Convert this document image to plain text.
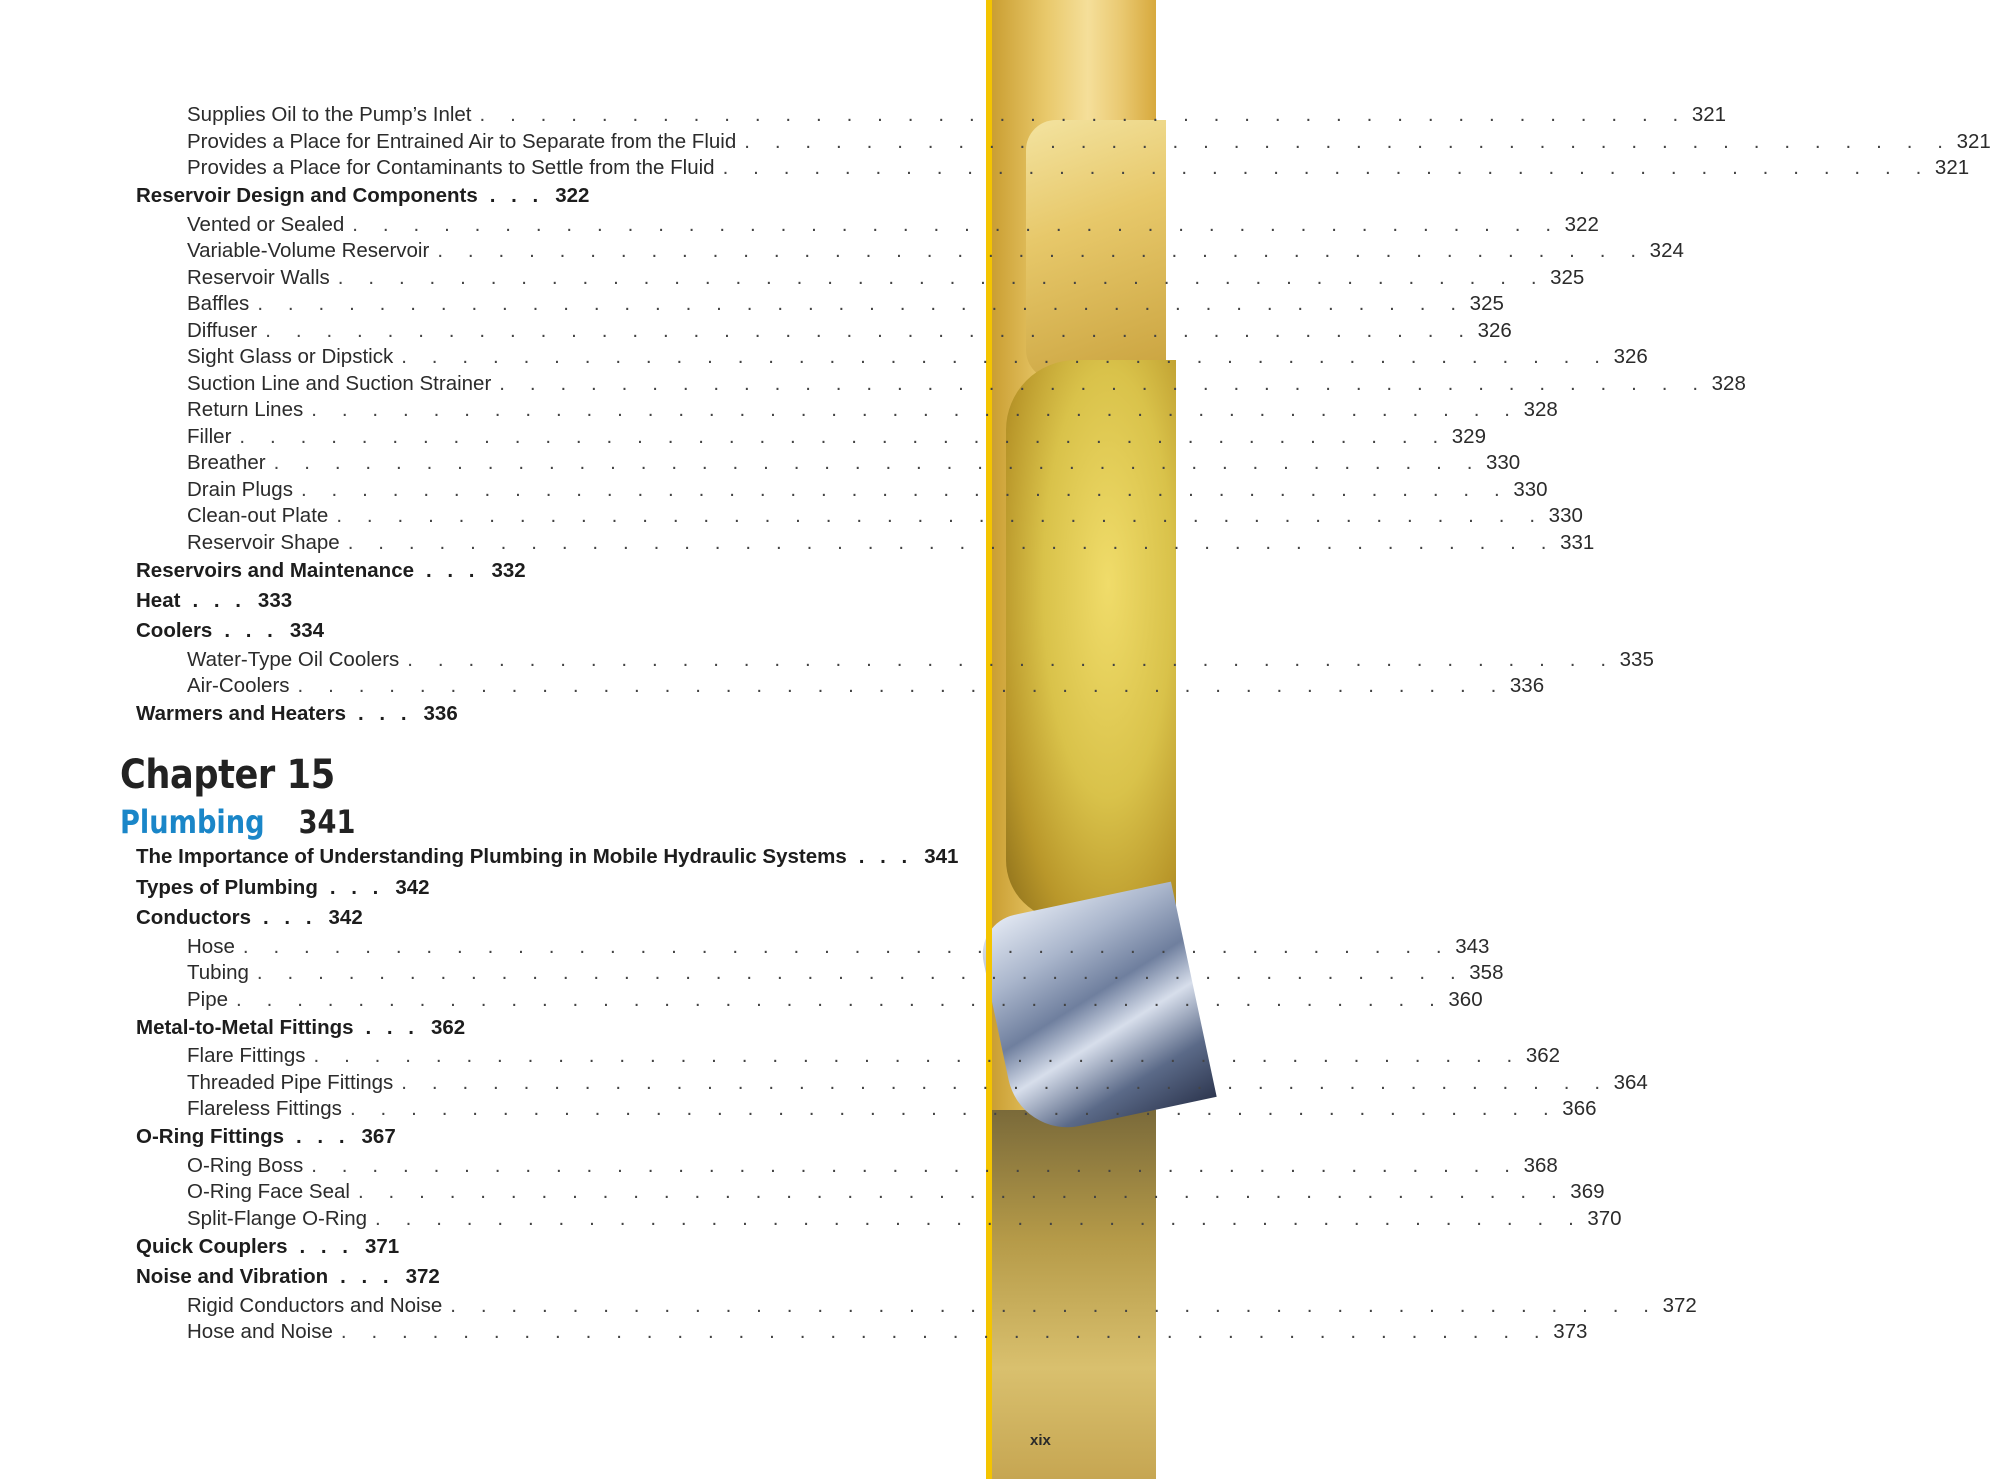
xix
Supplies Oil to the Pump’s Inlet . . . . . . . . . . . . . . . . . . . . . . . . . . . . . . . . . . . . . . . . 321
Provides a Place for Entrained Air to Separate from the Fluid . . . . . . . . . . . . . . . . . . . . . . . . . . . . . . . . . . . . . . . . 321
Provides a Place for Contaminants to Settle from the Fluid . . . . . . . . . . . . . . . . . . . . . . . . . . . . . . . . . . . . . . . . 321
Reservoir Design and Components . . . 322
Vented or Sealed . . . . . . . . . . . . . . . . . . . . . . . . . . . . . . . . . . . . . . . . 322
Variable-Volume Reservoir . . . . . . . . . . . . . . . . . . . . . . . . . . . . . . . . . . . . . . . . 324
Reservoir Walls . . . . . . . . . . . . . . . . . . . . . . . . . . . . . . . . . . . . . . . . 325
Baffles . . . . . . . . . . . . . . . . . . . . . . . . . . . . . . . . . . . . . . . . 325
Diffuser . . . . . . . . . . . . . . . . . . . . . . . . . . . . . . . . . . . . . . . . 326
Sight Glass or Dipstick . . . . . . . . . . . . . . . . . . . . . . . . . . . . . . . . . . . . . . . . 326
Suction Line and Suction Strainer . . . . . . . . . . . . . . . . . . . . . . . . . . . . . . . . . . . . . . . . 328
Return Lines . . . . . . . . . . . . . . . . . . . . . . . . . . . . . . . . . . . . . . . . 328
Filler . . . . . . . . . . . . . . . . . . . . . . . . . . . . . . . . . . . . . . . . 329
Breather . . . . . . . . . . . . . . . . . . . . . . . . . . . . . . . . . . . . . . . . 330
Drain Plugs . . . . . . . . . . . . . . . . . . . . . . . . . . . . . . . . . . . . . . . . 330
Clean-out Plate . . . . . . . . . . . . . . . . . . . . . . . . . . . . . . . . . . . . . . . . 330
Reservoir Shape . . . . . . . . . . . . . . . . . . . . . . . . . . . . . . . . . . . . . . . . 331
Reservoirs and Maintenance . . . 332
Heat . . . 333
Coolers . . . 334
Water-Type Oil Coolers . . . . . . . . . . . . . . . . . . . . . . . . . . . . . . . . . . . . . . . . 335
Air-Coolers . . . . . . . . . . . . . . . . . . . . . . . . . . . . . . . . . . . . . . . . 336
Warmers and Heaters . . . 336
Chapter 15
Plumbing 341
The Importance of Understanding Plumbing in Mobile Hydraulic Systems . . . 341
Types of Plumbing . . . 342
Conductors . . . 342
Hose . . . . . . . . . . . . . . . . . . . . . . . . . . . . . . . . . . . . . . . . 343
Tubing . . . . . . . . . . . . . . . . . . . . . . . . . . . . . . . . . . . . . . . . 358
Pipe . . . . . . . . . . . . . . . . . . . . . . . . . . . . . . . . . . . . . . . . 360
Metal-to-Metal Fittings . . . 362
Flare Fittings . . . . . . . . . . . . . . . . . . . . . . . . . . . . . . . . . . . . . . . . 362
Threaded Pipe Fittings . . . . . . . . . . . . . . . . . . . . . . . . . . . . . . . . . . . . . . . . 364
Flareless Fittings . . . . . . . . . . . . . . . . . . . . . . . . . . . . . . . . . . . . . . . . 366
O-Ring Fittings . . . 367
O-Ring Boss . . . . . . . . . . . . . . . . . . . . . . . . . . . . . . . . . . . . . . . . 368
O-Ring Face Seal . . . . . . . . . . . . . . . . . . . . . . . . . . . . . . . . . . . . . . . . 369
Split-Flange O-Ring . . . . . . . . . . . . . . . . . . . . . . . . . . . . . . . . . . . . . . . . 370
Quick Couplers . . . 371
Noise and Vibration . . . 372
Rigid Conductors and Noise . . . . . . . . . . . . . . . . . . . . . . . . . . . . . . . . . . . . . . . . 372
Hose and Noise . . . . . . . . . . . . . . . . . . . . . . . . . . . . . . . . . . . . . . . . 373
